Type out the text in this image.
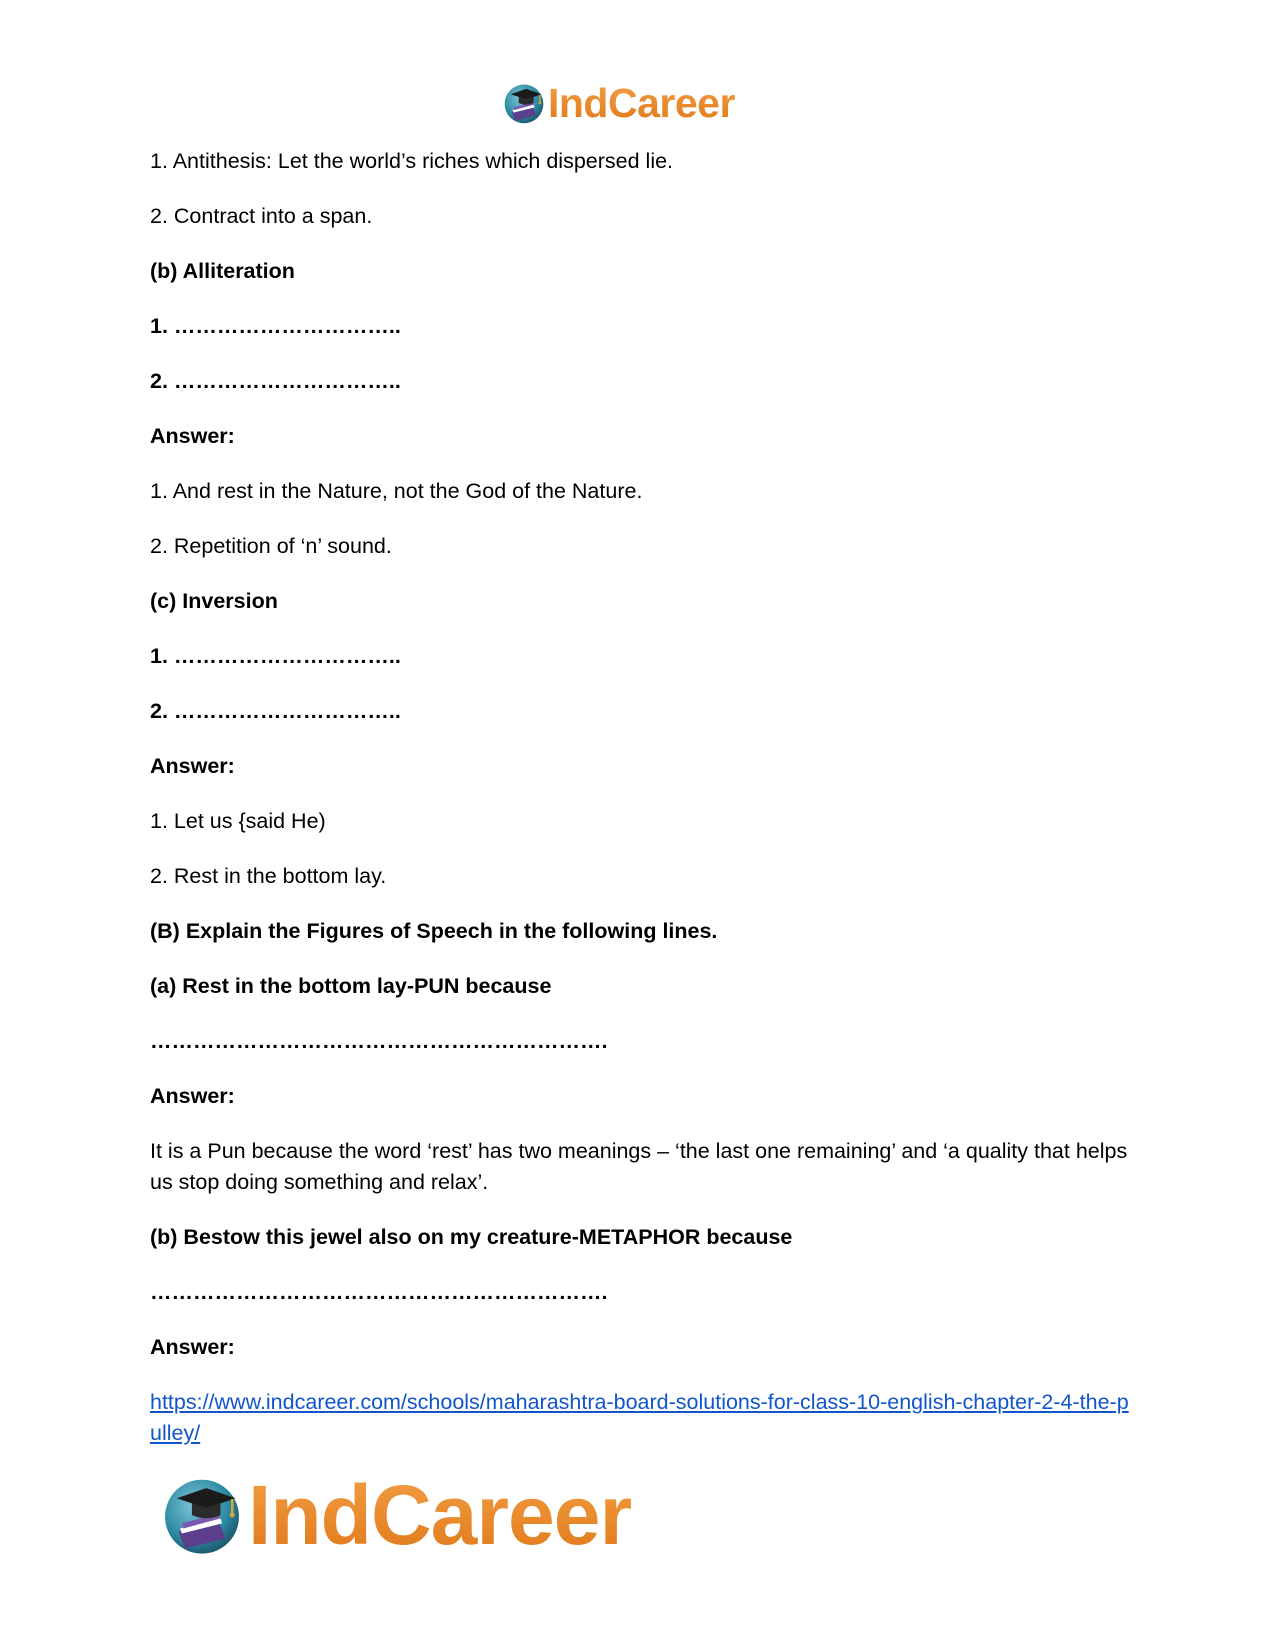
IndCareer
1. Antithesis: Let the world’s riches which dispersed lie.
2. Contract into a span.
(b) Alliteration
1. …………………………..
2. …………………………..
Answer:
1. And rest in the Nature, not the God of the Nature.
2. Repetition of ‘n’ sound.
(c) Inversion
1. …………………………..
2. …………………………..
Answer:
1. Let us {said He)
2. Rest in the bottom lay.
(B) Explain the Figures of Speech in the following lines.
(a) Rest in the bottom lay-PUN because
……………………………………………………….
Answer:
It is a Pun because the word ‘rest’ has two meanings – ‘the last one remaining’ and ‘a quality that helps us stop doing something and relax’.
(b) Bestow this jewel also on my creature-METAPHOR because
……………………………………………………….
Answer:
https://www.indcareer.com/schools/maharashtra-board-solutions-for-class-10-english-chapter-2-4-the-pulley/
IndCareer
